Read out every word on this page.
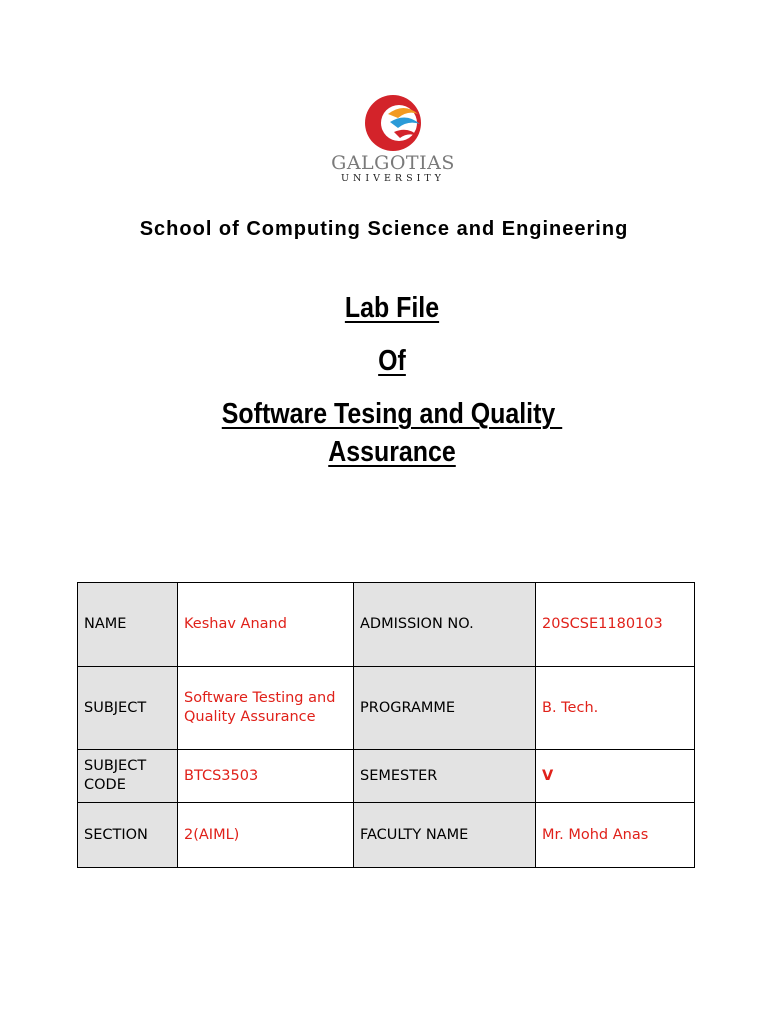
GALGOTIAS
UNIVERSITY
School of Computing Science and Engineering
Lab File
Of
Software Tesing and Quality
Assurance
NAME	Keshav Anand	ADMISSION NO.	20SCSE1180103
SUBJECT	Software Testing and Quality Assurance	PROGRAMME	B. Tech.
SUBJECT CODE	BTCS3503	SEMESTER	V
SECTION	2(AIML)	FACULTY NAME	Mr. Mohd Anas
